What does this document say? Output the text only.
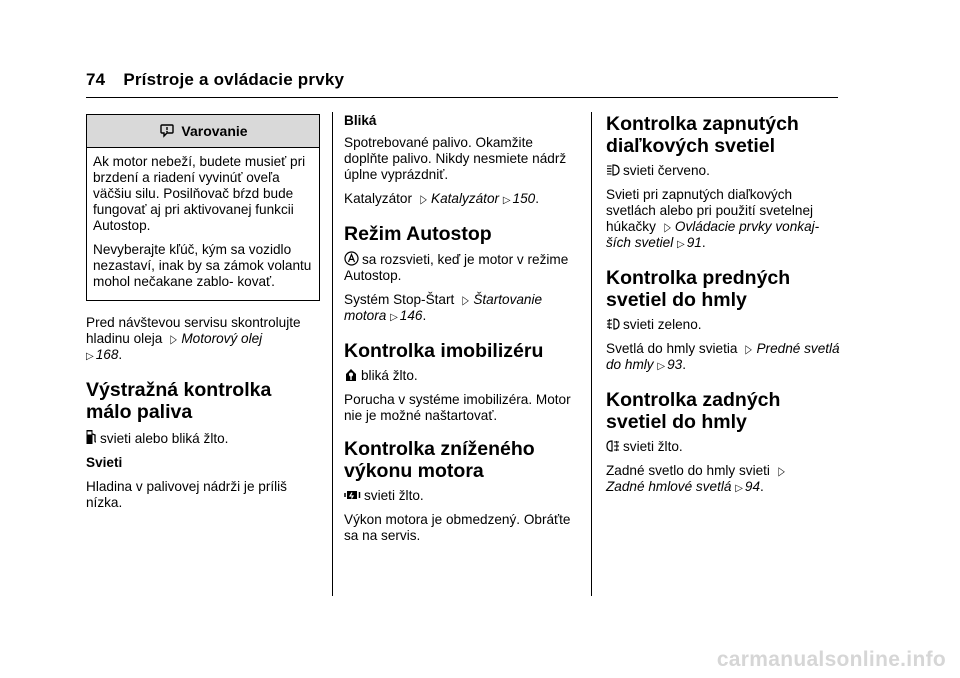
74 Prístroje a ovládacie prvky
Varovanie

Ak motor nebeží, budete musieť pri brzdení a riadení vyvinúť oveľa väčšiu silu. Posilňovač bŕzd bude fungovať aj pri aktivovanej funkcii Autostop.

Nevyberajte kľúč, kým sa vozidlo nezastaví, inak by sa zámok volantu mohol nečakane zablo- kovať.

Pred návštevou servisu skontrolujte hladinu oleja ▷ Motorový olej
▷ 168.

Výstražná kontrolka málo paliva

svieti alebo bliká žlto.

Svieti

Hladina v palivovej nádrži je príliš nízka.

Bliká

Spotrebované palivo. Okamžite doplňte palivo. Nikdy nesmiete nádrž úplne vyprázdniť.

Katalyzátor ▷ Katalyzátor ▷ 150.

Režim Autostop

sa rozsvieti, keď je motor v režime Autostop.

Systém Stop-Štart ▷ Štartovanie motora ▷ 146.

Kontrolka imobilizéru

bliká žlto.

Porucha v systéme imobilizéra. Motor nie je možné naštartovať.

Kontrolka zníženého výkonu motora

svieti žlto.

Výkon motora je obmedzený. Obráťte sa na servis.

Kontrolka zapnutých diaľkových svetiel

svieti červeno.

Svieti pri zapnutých diaľkových svetlách alebo pri použití svetelnej húkačky ▷ Ovládacie prvky vonkaj- ších svetiel ▷ 91.

Kontrolka predných svetiel do hmly

svieti zeleno.

Svetlá do hmly svietia ▷ Predné svetlá do hmly ▷ 93.

Kontrolka zadných svetiel do hmly

svieti žlto.

Zadné svetlo do hmly svieti ▷
Zadné hmlové svetlá ▷ 94.

carmanualsonline.info
